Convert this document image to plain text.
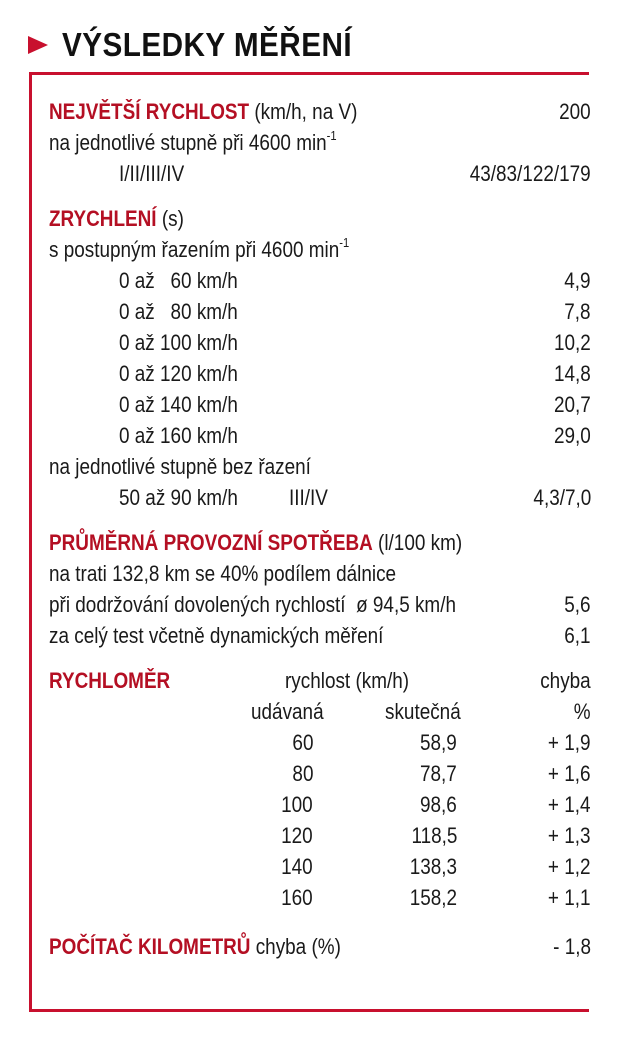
VÝSLEDKY MĚŘENÍ
NEJVĚTŠÍ RYCHLOST (km/h, na V)	200
na jednotlivé stupně při 4600 $\min^{-1}$
I/II/III/IV	43/83/122/179
ZRYCHLENÍ (s)
s postupným řazením při 4600 $\min^{-1}$
0 až   60 km/h	4,9
0 až   80 km/h	7,8
0 až 100 km/h	10,2
0 až 120 km/h	14,8
0 až 140 km/h	20,7
0 až 160 km/h	29,0
na jednotlivé stupně bez řazení
50 až 90 km/h	III/IV	4,3/7,0
PRŮMĚRNÁ PROVOZNÍ SPOTŘEBA (l/100 km)
na trati 132,8 km se 40% podílem dálnice
při dodržování dovolených rychlostí  ø 94,5 km/h	5,6
za celý test včetně dynamických měření	6,1
RYCHLOMĚR	rychlost (km/h)	chyba
udávaná	skutečná	%
60	58,9	+ 1,9
80	78,7	+ 1,6
100	98,6	+ 1,4
120	118,5	+ 1,3
140	138,3	+ 1,2
160	158,2	+ 1,1
POČÍTAČ KILOMETRŮ chyba (%)	- 1,8
